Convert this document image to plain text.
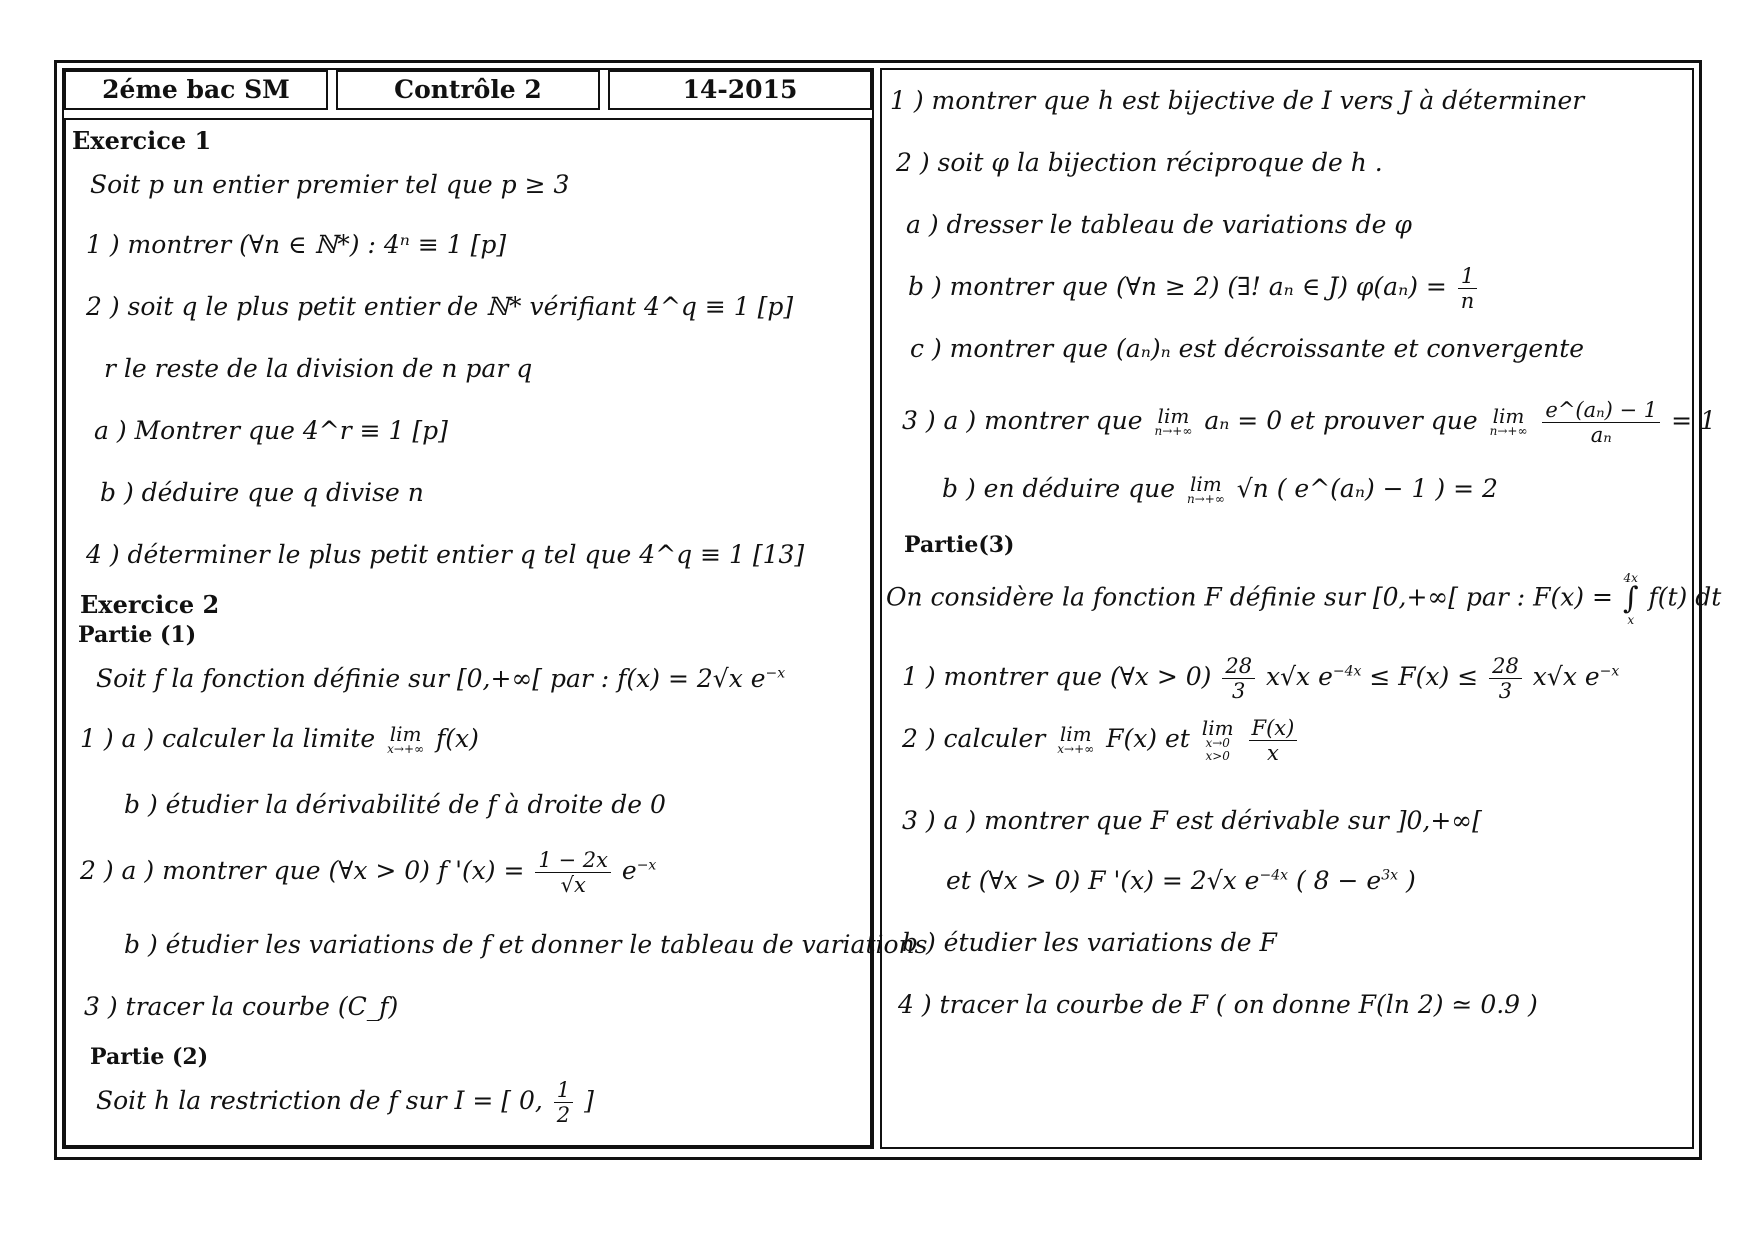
2éme bac SM	Contrôle 2	14-2015
Exercice 1
Soit p un entier premier tel que p ≥ 3
1 ) montrer (∀n ∈ ℕ*) : 4ⁿ ≡ 1 [p]
2 ) soit q le plus petit entier de ℕ* vérifiant 4^q ≡ 1 [p]
r le reste de la division de n par q
a ) Montrer que 4^r ≡ 1 [p]
b ) déduire que q divise n
4 ) déterminer le plus petit entier q tel que 4^q ≡ 1 [13]
Exercice 2
Partie (1)
Soit f la fonction définie sur [0,+∞[ par : f(x) = 2√x $e^{-x}$
1 ) a ) calculer la limite lim
x→+∞ f(x)
b ) étudier la dérivabilité de f à droite de 0
2 ) a ) montrer que (∀x > 0) f '$(x) = \frac{1 - 2x}{√x} e^{-x}$
b ) étudier les variations de f et donner le tableau de variations
3 ) tracer la courbe (C_f)
Partie (2)
Soit h la restriction de f sur I = [ 0, $\frac{1}{2}$ ]
1 ) montrer que h est bijective de I vers J à déterminer
2 ) soit φ la bijection réciproque de h .
a ) dresser le tableau de variations de φ
b ) montrer que (∀n ≥ 2) (∃! aₙ ∈ J) $\varphi(a_n) = \frac{1}{n}$
c ) montrer que (aₙ)ₙ est décroissante et convergente
3 ) a ) montrer que lim
n→+∞ aₙ = 0 et prouver que lim
n→+∞
$\frac{\text{e\textasciicircum{}(aₙ) − 1}}{\text{aₙ}} = 1$
b ) en déduire que lim
n→+∞ √n ( e^(aₙ) − 1 ) = 2
Partie(3)
On considère la fonction F définie sur [0,+∞[ par : F(x) =
4x
∫
x
f(t) dt
1 ) montrer que (∀x > $0) \frac{28}{3} x√x$ $e^{-4x} \le F(x) \le \frac{28}{3} x√x$ $e^{-x}$
2 ) calculer lim
x→+∞ F(x) et lim
x→0
x>0
$\frac{F(x)}{x}$
3 ) a ) montrer que F est dérivable sur ]0,+∞[
et (∀x > 0) F '(x) = 2√x $e^{-4x}$ ( $8 - e^{3x}$ )
b ) étudier les variations de F
4 ) tracer la courbe de F ( on donne F(ln 2) ≃ 0.9 )
